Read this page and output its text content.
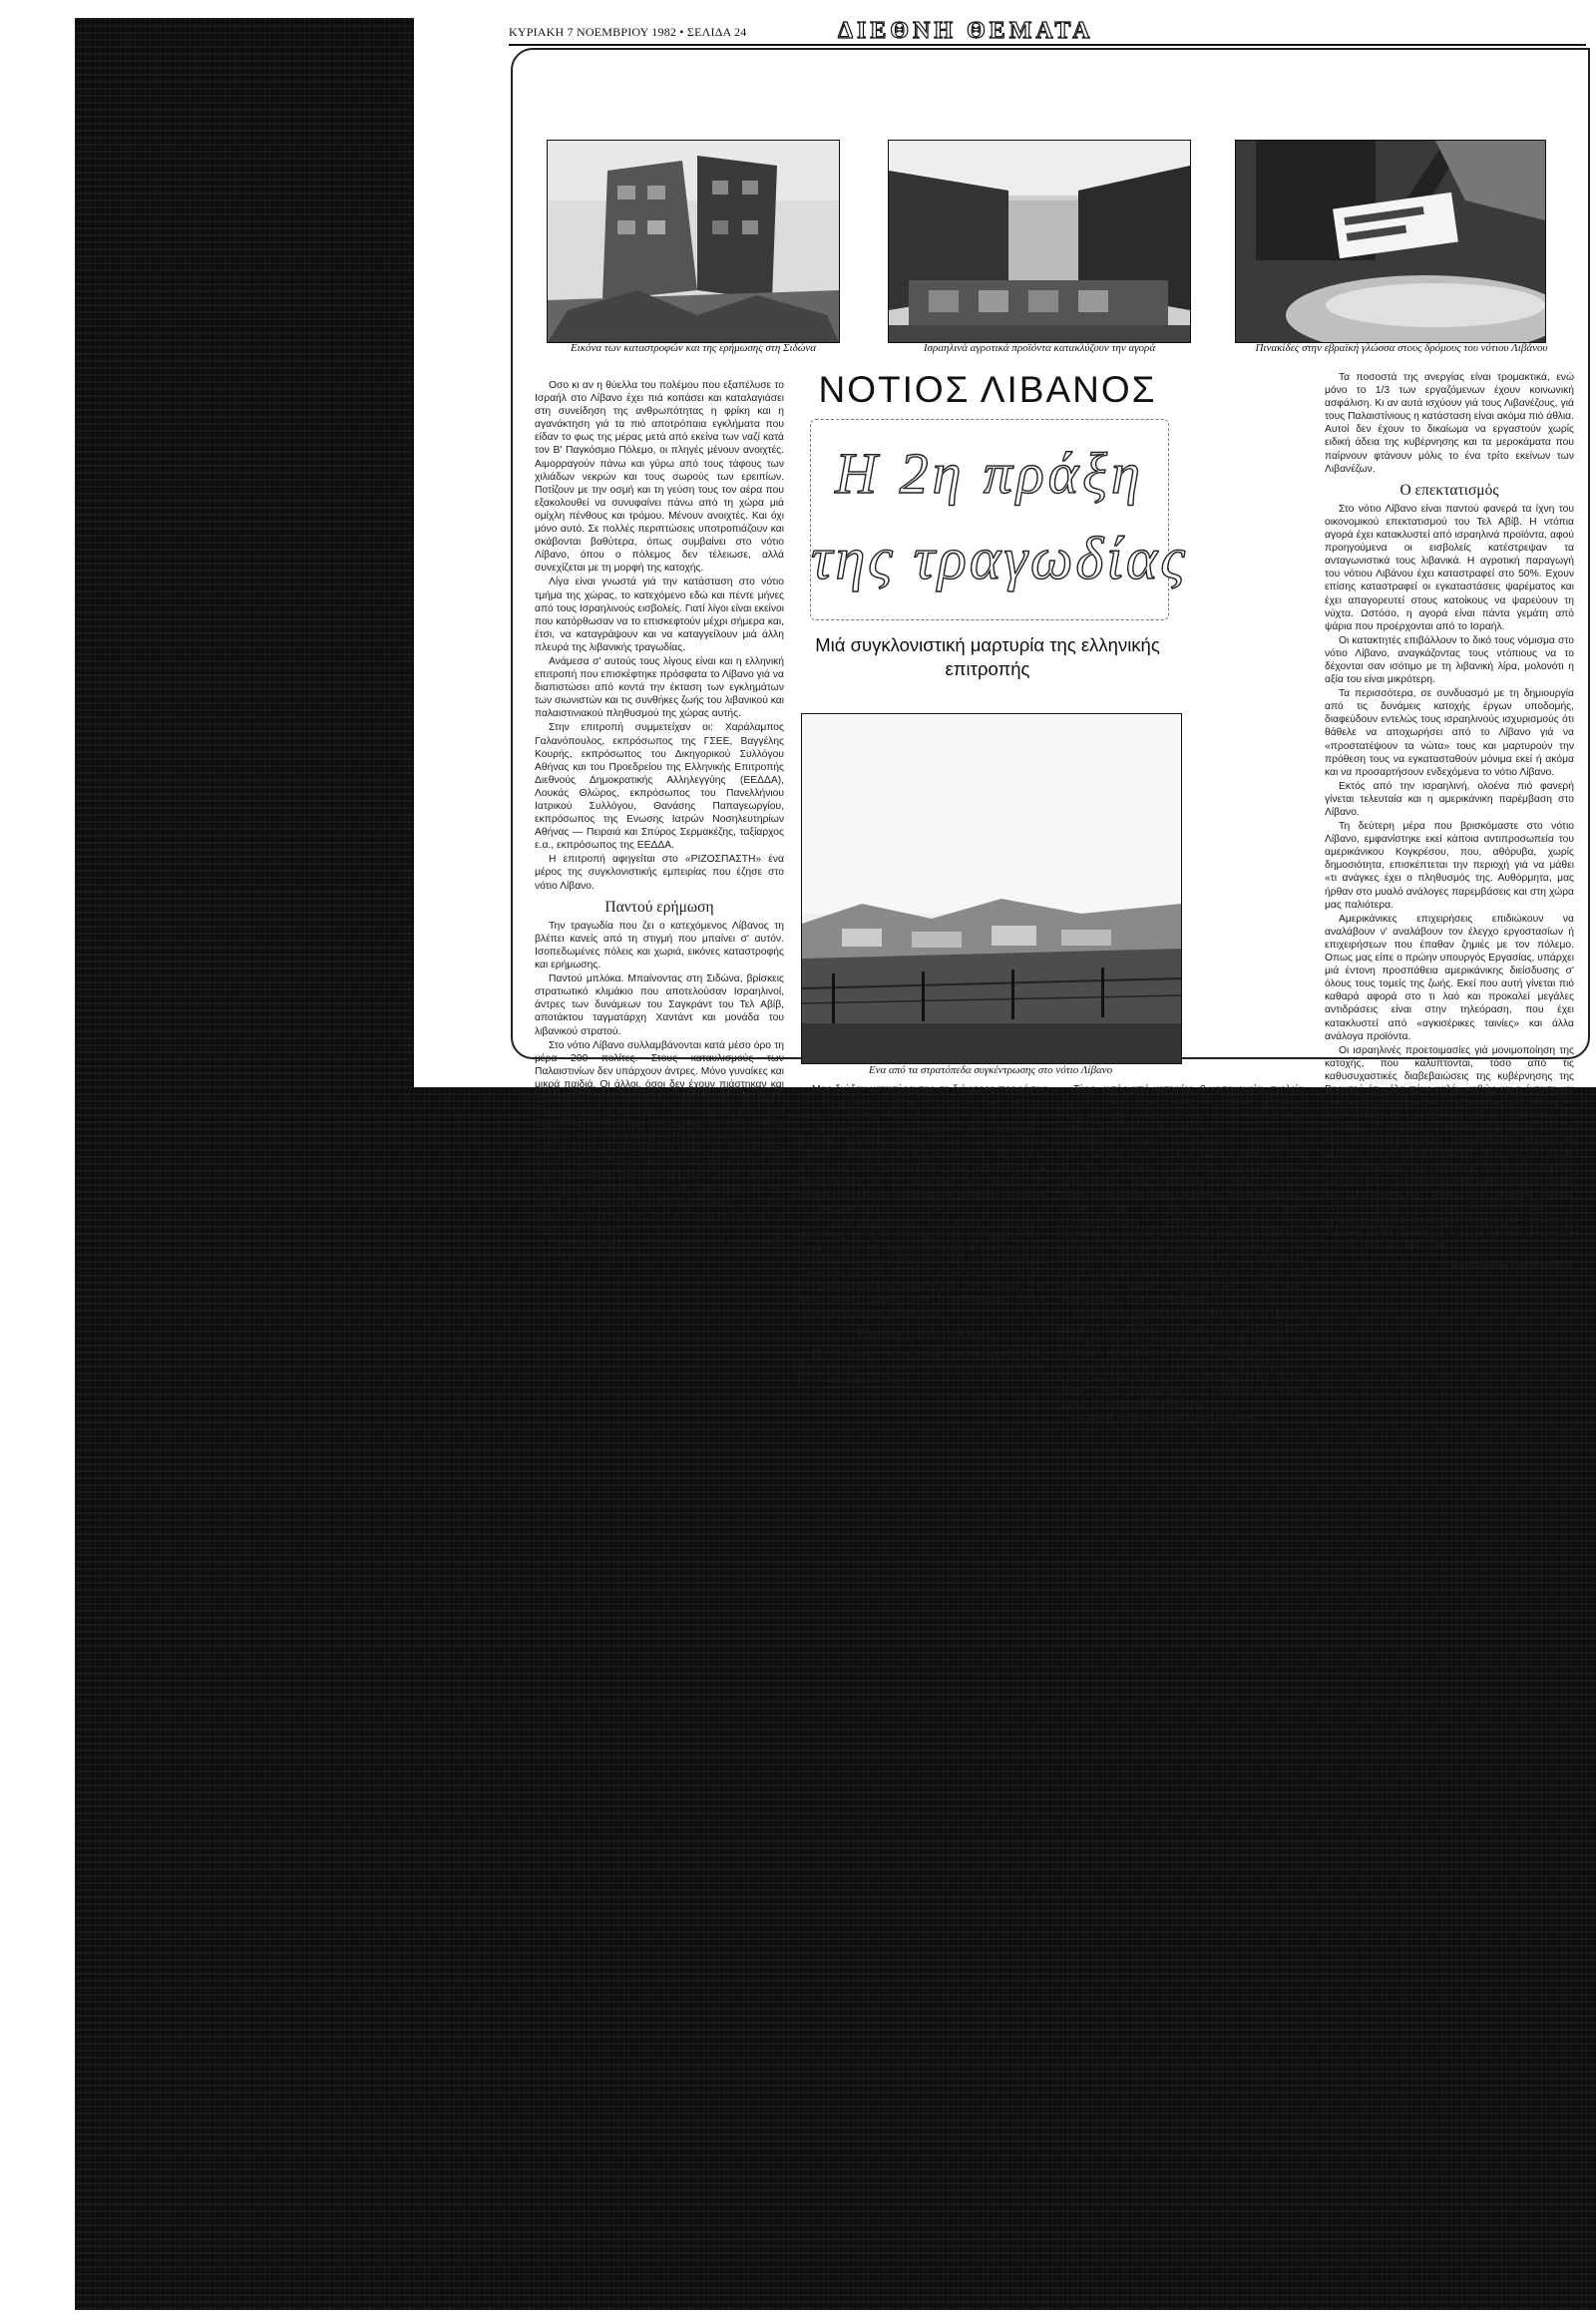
ΚΥΡΙΑΚΗ 7 ΝΟΕΜΒΡΙΟΥ 1982 • ΣΕΛΙΔΑ 24	ΔΙΕΘΝΗ ΘΕΜΑΤΑ
Εικόνα των καταστροφών και της ερήμωσης στη Σιδώνα	Ισραηλινά αγροτικά προϊόντα κατακλύζουν την αγορά	Πινακίδες στην εβραϊκή γλώσσα στους δρόμους του νότιου Λιβάνου

Οσο κι αν η θύελλα του πολέμου που εξαπέλυσε το Ισραήλ στο Λίβανο έχει πιά κοπάσει και καταλαγιάσει στη συνείδηση της ανθρωπότητας η φρίκη και η αγανάκτηση γιά τα πιό αποτρόπαια εγκλήματα που είδαν το φως της μέρας μετά από εκείνα των ναζί κατά τον Β' Παγκόσμιο Πόλεμο, οι πληγές μένουν ανοιχτές. Αιμορραγούν πάνω και γύρω από τους τάφους των χιλιάδων νεκρών και τους σωρούς των ερειπίων. Ποτίζουν με την οσμή και τη γεύση τους τον αέρα που εξακολουθεί να συνυφαίνει πάνω από τη χώρα μιά ομίχλη πένθους και τρόμου. Μένουν ανοιχτές. Και όχι μόνο αυτό. Σε πολλές περιπτώσεις υποτροπιάζουν και σκάβονται βαθύτερα, όπως συμβαίνει στο νότιο Λίβανο, όπου ο πόλεμος δεν τέλειωσε, αλλά συνεχίζεται με τη μορφή της κατοχής.

Λίγα είναι γνωστά γιά την κατάσταση στο νότιο τμήμα της χώρας, το κατεχόμενο εδώ και πέντε μήνες από τους Ισραηλινούς εισβολείς. Γιατί λίγοι είναι εκείνοι που κατόρθωσαν να το επισκεφτούν μέχρι σήμερα και, έτσι, να καταγράψουν και να καταγγείλουν μιά άλλη πλευρά της λιβανικής τραγωδίας.

Ανάμεσα σ' αυτούς τους λίγους είναι και η ελληνική επιτροπή που επισκέφτηκε πρόσφατα το Λίβανο γιά να διαπιστώσει από κοντά την έκταση των εγκλημάτων των σιωνιστών και τις συνθήκες ζωής του λιβανικού και παλαιστινιακού πληθυσμού της χώρας αυτής.

Στην επιτροπή συμμετείχαν οι: Χαράλαμπος Γαλανόπουλος, εκπρόσωπος της ΓΣΕΕ, Βαγγέλης Κουρής, εκπρόσωπος του Δικηγορικού Συλλόγου Αθήνας και του Προεδρείου της Ελληνικής Επιτροπής Διεθνούς Δημοκρατικής Αλληλεγγύης (ΕΕΔΔΑ), Λουκάς Θλώρος, εκπρόσωπος του Πανελλήνιου Ιατρικού Συλλόγου, Θανάσης Παπαγεωργίου, εκπρόσωπος της Ενωσης Ιατρών Νοσηλευτηρίων Αθήνας — Πειραιά και Σπύρος Σερμακέζης, ταξίαρχος ε.α., εκπρόσωπος της ΕΕΔΔΑ.

Η επιτροπή αφηγείται στο «ΡΙΖΟΣΠΑΣΤΗ» ένα μέρος της συγκλονιστικής εμπειρίας που έζησε στο νότιο Λίβανο.

Παντού ερήμωση

Την τραγωδία που ζει ο κατεχόμενος Λίβανος τη βλέπει κανείς από τη στιγμή που μπαίνει σ' αυτόν. Ισοπεδωμένες πόλεις και χωριά, εικόνες καταστροφής και ερήμωσης.

Παντού μπλόκα. Μπαίνοντας στη Σιδώνα, βρίσκεις στρατιωτικό κλιμάκιο που αποτελούσαν Ισραηλινοί, άντρες των δυνάμεων του Σαγκράντ του Τελ Αβίβ, αποτάκτου ταγματάρχη Χαντάντ και μονάδα του λιβανικού στρατού.

Στο νότιο Λίβανο συλλαμβάνονται κατά μέσο όρο τη μέρα 200 πολίτες. Στους καταυλισμούς των Παλαιστινίων δεν υπάρχουν άντρες. Μόνο γυναίκες και μικρά παιδιά. Οι άλλοι, όσοι δεν έχουν πιάστηκαν και κλείστηκαν στα στρατόπεδα συγκέντρωσης, που έχουν δημιουργήσει οι Ισραηλινοί. Λειτουργούν τρία τέτια στρατόπεδα, στο Ινσάρ, στο Σαραφάντ και το Γιουσέφ Σούφου με πληροφορίες, οι κρατούμενοι στο νότιο Λίβανο είναι 14.000 Υποβάλλονται σε απάνθρωπα βασανιστήρια. Υπάρχει ακόμα η πληροφορία ότι σ' ένα τέτιο στρατόπεδο στα σύνορα μεταξύ νότιου Λιβάνου και Ισραήλ βρίσκεται ένα ειδικό «νοσοκομείο» στο οποίο οι Ισραηλινοί βασανίζουν τραυματίες!!! — κάτι που δεν έχει ξανακούσει ούτε και τους ναζί σε κανένα μέρος του κόσμου.

Προσπαθήσαμε να επισκεφτούμε το στρατόπεδο συγκέντρωσης στο Ινσάρ

ΝΟΤΙΟΣ ΛΙΒΑΝΟΣ
Η 2η πράξη
της τραγωδίας
Μιά συγκλονιστική μαρτυρία της ελληνικής επιτροπής
Ενα από τα στρατόπεδα συγκέντρωσης στο νότιο Λίβανο

Μας διώξαν κατασύροντας σε διάφορες προφάσεις και ισχυρισμούς, όπως ότι δήθεν δεν υπάρχει αξιωματικός υπηρεσίας κ.ά.

Θα πρέπει εδώ να αναφερθεί ότι δυστυχώς, ο Διεθνής Ερυθρός Σταυρός δεν ανταποκρίνεται καθόλου στο σκοπό της δημιουργίας του. Δε βοηθάει ουσιαστικά τους κρατούμενους στα στρατόπεδα, δε διαμαρτύρεται για τις συλλήψεις των πολιτών, τα βασανιστήρια και τις απάνθρωπες συνθήκες κράτησης των αιχμαλώτων στο νότιο Λίβανο.

Το έργο τρομοκρατίας που έχουν επιβάλλει οι ισραηλινές δυνάμεις κατοχής με τις συλλήψεις και τα βασανιστήρια, τις νυχτερινές εφόδους στα σπίτια, τις απαγορεύσεις της κυκλοφορίας και το στραγγαλισμό «κάθε ελευθερίας», δεν είναι παρά ένα μόνο κομμάτι της πραγματικότητας σήμερα στο νότιο Λίβανο. Ενα άλλο, εξίσου τραγικό, είναι οι καταστροφές και οι συνθήκες ζωής του πληθυσμού.

Παιδιά χωρίς μέλλον

Στη Σιδώνα, οι εισβολείς κατέστρεψαν 2.000 διαμερίσματα, 3 σχολεία, τα νοσοκομεία της πόλης, 500 καταστήματα. Στην

Τύρο, εκτός από κατοικίες, 3 νοσοκομεία, σχολεία κ.ά. Οι υλικές ζημιές στις δύο πόλεις φτάνουν, σύμφωνα με υπολογισμούς, τα 500 και 250 εκατομμύρια δολάρια αντίστοιχα.

Υπάρχει μεγάλος αριθμός τραυματιών. Συγκλονιστική εντύπωση μας έκανε η επίσκεψή μας σ' ένα σταθμό «γαλλικής ανθρωπιστικής οργάνωσης», όπου νοσηλεύονταν παιδιά — χωρίς χέρια, χωρίς πόδια, τυφλά, καμένα... Και η κατάσταση γίνεται ακόμα πιό δύσκολη με την έλλειψη στοιχειωδέστερης ιατρικής κάλυψης και ιατροφαρμακευτικού υλικού. Οι ανάγκες από την άποψη αυτή είναι εξαιρετικά μεγάλες και αντιμετωπίζονται μόνο πρόχειρα, από τις ελάχιστες, με βάση προσφορά της «κοινωνίας», μέσω της λεγόμενης «λαϊκής αλληλεγγύης», που έχει συγκροτηθεί ο ίδιος ο πληθυσμός.

Με ανάλογο τρόπο αντιμετωπίζεται και το μεγάλο οικονομικό πρόβλημα του λαού στο νότιο Λίβανο. Επίσημη πηγή της Σιδώνας μας είπε ότι χρειάζονται τεράστιες προσπάθειες γιά να εξασφαλιστεί έστω κι ένα κομμάτι ψωμί γιά τους κατοίκους. Χαρακτηριστικό ήταν η έκκληση που έγινε στο Δημαρχείο της πόλης αυτής, όπου πλήθος κόσμου περίμενε να μαθει μήπως υπάρχει κάποια δουλειά.

Η ντόπια παραγωγή έχει πέσει στο 40%.

Τα ποσοστά της ανεργίας είναι τρομακτικά, ενώ μόνο το 1/3 των εργαζόμενων έχουν κοινωνική ασφάλιση. Κι αν αυτά ισχύουν γιά τους Λιβανέζους, γιά τους Παλαιστίνιους η κατάσταση είναι ακόμα πιό άθλια. Αυτοί δεν έχουν το δικαίωμα να εργαστούν χωρίς ειδική άδεια της κυβέρνησης και τα μεροκάματα που παίρνουν φτάνουν μόλις το ένα τρίτο εκείνων των Λιβανέζων.

Ο επεκτατισμός

Στο νότιο Λίβανο είναι παντού φανερά τα ίχνη του οικονομικού επεκτατισμού του Τελ Αβίβ. Η ντόπια αγορά έχει κατακλυστεί από ισραηλινά προϊόντα, αφού προηγούμενα οι εισβολείς κατέστρεψαν τα ανταγωνιστικά τους λιβανικά. Η αγροτική παραγωγή του νότιου Λιβάνου έχει καταστραφεί στο 50%. Εχουν επίσης καταστραφεί οι εγκαταστάσεις ψαρέματος και έχει απαγορευτεί στους κατοίκους να ψαρεύουν τη νύχτα. Ωστόσο, η αγορά είναι πάντα γεμάτη από ψάρια που προέρχονται από το Ισραήλ.

Οι κατακτητές επιβάλλουν το δικό τους νόμισμα στο νότιο Λίβανο, αναγκάζοντας τους ντόπιους να το δέχονται σαν ισότιμο με τη λιβανική λίρα, μολονότι η αξία του είναι μικρότερη.

Τα περισσότερα, σε συνδυασμό με τη δημιουργία από τις δυνάμεις κατοχής έργων υποδομής, διαφεύδουν εντελώς τους ισραηλινούς ισχυρισμούς ότι θάθελε να αποχωρήσει από το Λίβανο γιά να «προστατέψουν τα νώτα» τους και μαρτυρούν την πρόθεση τους να εγκατασταθούν μόνιμα εκεί ή ακόμα και να προσαρτήσουν ενδεχόμενα το νότιο Λίβανο.

Εκτός από την ισραηλινή, ολοένα πιό φανερή γίνεται τελευταία και η αμερικάνικη παρέμβαση στο Λίβανο.

Τη δεύτερη μέρα που βρισκόμαστε στο νότιο Λίβανο, εμφανίστηκε εκεί κάποια αντιπροσωπεία του αμερικάνικου Κογκρέσου, που, αθόρυβα, χωρίς δημοσιότητα, επισκέπτεται την περιοχή γιά να μάθει «τι ανάγκες έχει ο πληθυσμός της. Αυθόρμητα, μας ήρθαν στο μυαλό ανάλογες παρεμβάσεις και στη χώρα μας παλιότερα.

Αμερικάνικες επιχειρήσεις επιδιώκουν να αναλάβουν ν' αναλάβουν τον έλεγχο εργοστασίων ή επιχειρήσεων που έπαθαν ζημιές με τον πόλεμο. Οπως μας είπε ο πρώην υπουργός Εργασίας, υπάρχει μιά έντονη προσπάθεια αμερικάνικης διείσδυσης σ' όλους τους τομείς της ζωής. Εκεί που αυτή γίνεται πιό καθαρά αφορά στο τι λαό και προκαλεί μεγάλες αντιδράσεις είναι στην τηλεόραση, που έχει κατακλυστεί από «αγκισέρικες ταινίες» και άλλα ανάλογα προϊόντα.

Οι ισραηλινές προετοιμασίες γιά μονιμοποίηση της κατοχής, που καλύπτονται, τόσο από τις καθυσυχαστικές διαβεβαιώσεις της κυβέρνησης της Βηρυτού ότι «όλα πάνε καλά» καθώς και η ένταση και εδραίωση της αμερικάνικης παρουσίας στο Λίβανο — παρουσίας που με έξυπνο τρόπο η Ουάσινγκτον κατάφερε να επιβάλει σα συνισταμένη της ειρήνης και της ασφάλειας και να την αποδεχτεί από τον ίδιο το λιβανικό λαό — προδιαγράφουν ένα δυσοίωνο μέλλον εξανδραποδισμού και εξάρτησης γιά το νότιο Λίβανο και γιατί όχι — και γιά ολόκληρη ενδεχόμενα τη χώρα. Και ταυτόχρονα ένα μέλλον που σημαίνει αίνιγμα αγώνα συνέχιση του πολέμου, αφού είναι βέβαιο ότι ο λιβανικός και παλαιστινιακός πληθυσμός του νότιου Λιβάνου δε θα υποστείλει ποτέ τη σημαία του αγώνα γιά ελευθερία και δικαίωση.

ΕΛΕΥΘΕΡΙΑ ΟΙΚΟΝΟΜΟΥ
